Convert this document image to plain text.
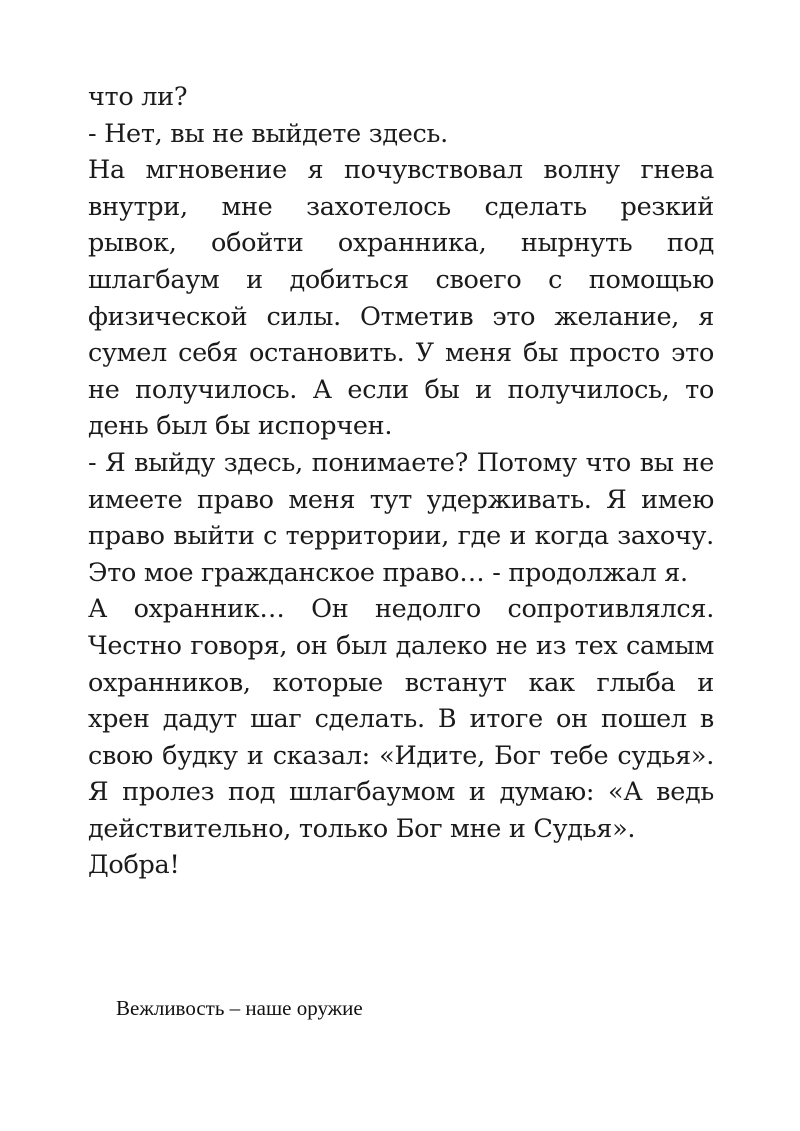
что ли?
- Нет, вы не выйдете здесь.
На мгновение я почувствовал волну гнева
внутри, мне захотелось сделать резкий
рывок, обойти охранника, нырнуть под
шлагбаум и добиться своего с помощью
физической силы. Отметив это желание, я
сумел себя остановить. У меня бы просто это
не получилось. А если бы и получилось, то
день был бы испорчен.
- Я выйду здесь, понимаете? Потому что вы не
имеете право меня тут удерживать. Я имею
право выйти с территории, где и когда захочу.
Это мое гражданское право… - продолжал я.
А охранник… Он недолго сопротивлялся.
Честно говоря, он был далеко не из тех самым
охранников, которые встанут как глыба и
хрен дадут шаг сделать. В итоге он пошел в
свою будку и сказал: «Идите, Бог тебе судья».
Я пролез под шлагбаумом и думаю: «А ведь
действительно, только Бог мне и Судья».
Добра!
Вежливость – наше оружие
